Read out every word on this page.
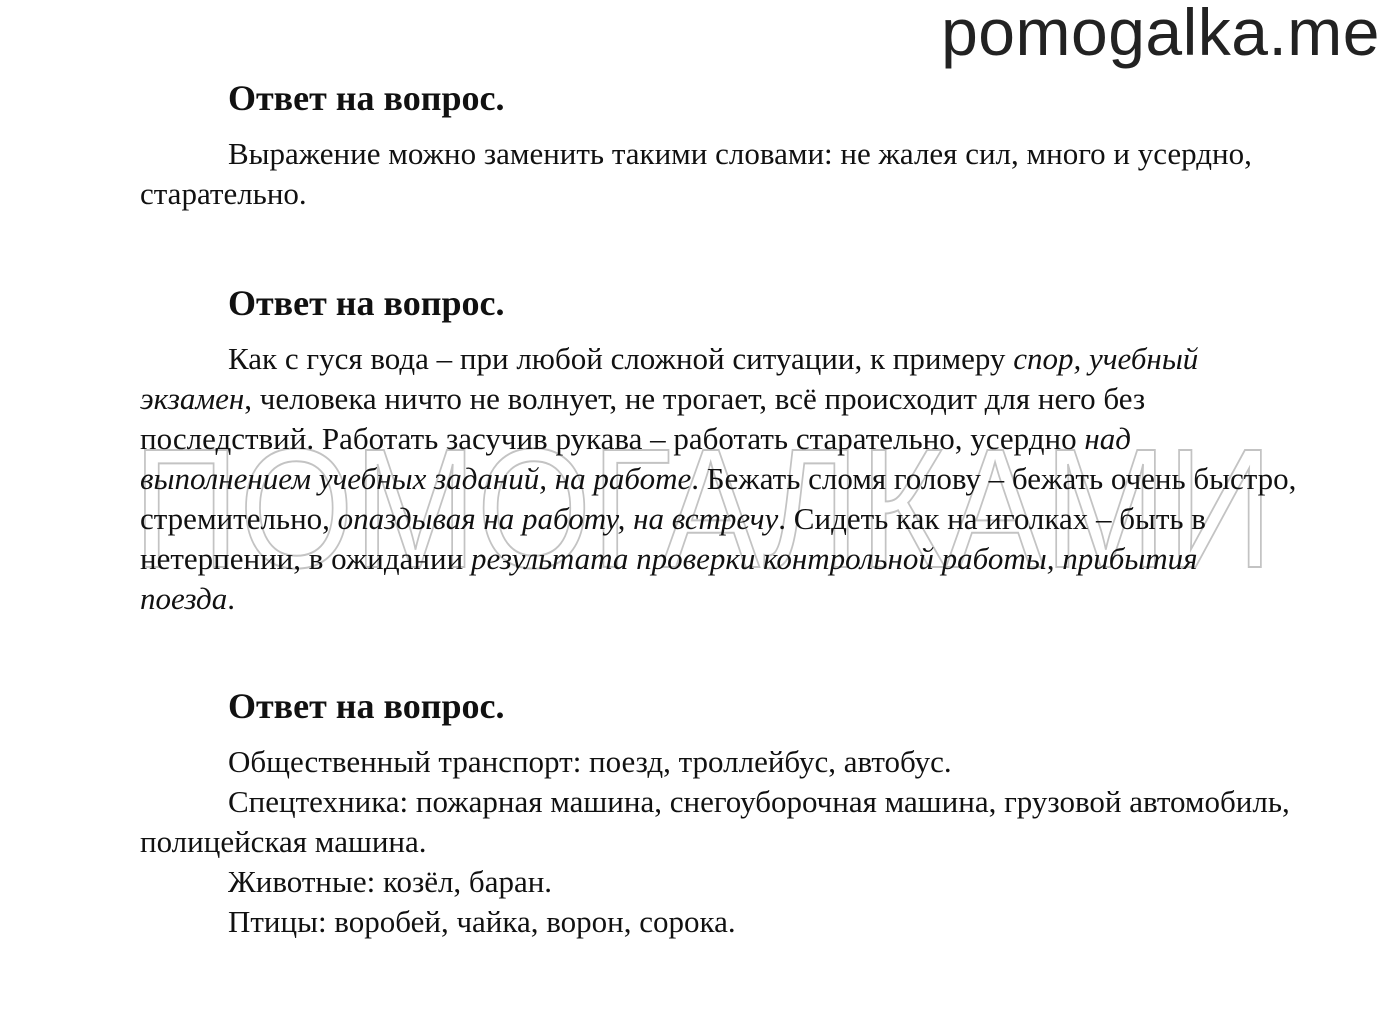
pomogalka.me
ПОМОГАЛКАМИ
Ответ на вопрос.

Выражение можно заменить такими словами: не жалея сил, много и усердно, старательно.

Ответ на вопрос.

Как с гуся вода – при любой сложной ситуации, к примеру спор, учебный экзамен, человека ничто не волнует, не трогает, всё происходит для него без последствий. Работать засучив рукава – работать старательно, усердно над выполнением учебных заданий, на работе. Бежать сломя голову – бежать очень быстро, стремительно, опаздывая на работу, на встречу. Сидеть как на иголках – быть в нетерпении, в ожидании результата проверки контрольной работы, прибытия поезда.

Ответ на вопрос.

Общественный транспорт: поезд, троллейбус, автобус.

Спецтехника: пожарная машина, снегоуборочная машина, грузовой автомобиль, полицейская машина.

Животные: козёл, баран.

Птицы: воробей, чайка, ворон, сорока.
